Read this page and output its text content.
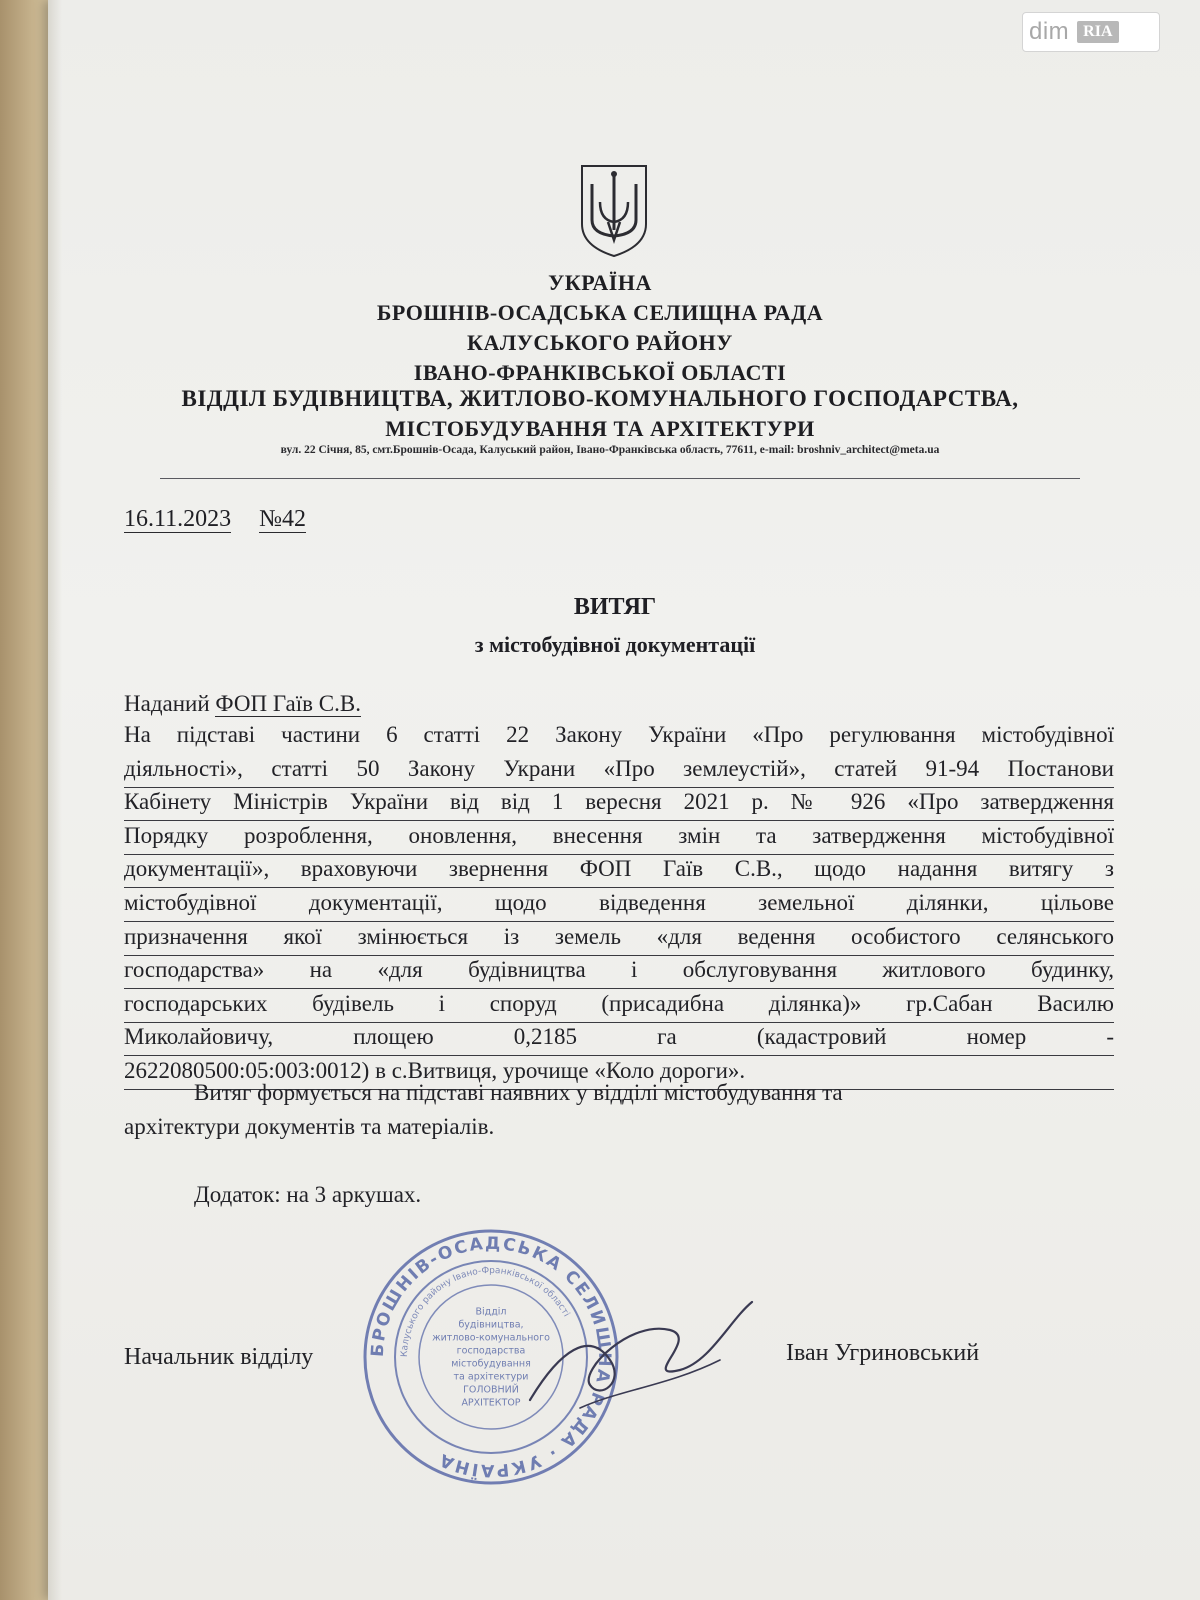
dim RIA
УКРАЇНА
БРОШНІВ-ОСАДСЬКА СЕЛИЩНА РАДА
КАЛУСЬКОГО РАЙОНУ
ІВАНО-ФРАНКІВСЬКОЇ ОБЛАСТІ
ВІДДІЛ БУДІВНИЦТВА, ЖИТЛОВО-КОМУНАЛЬНОГО ГОСПОДАРСТВА,
МІСТОБУДУВАННЯ ТА АРХІТЕКТУРИ
вул. 22 Січня, 85, смт.Брошнів-Осада, Калуський район, Івано-Франківська область, 77611, e-mail: broshniv_architect@meta.ua
16.11.2023 №42
ВИТЯГ
з містобудівної документації
Наданий ФОП Гаїв С.В.
На підставі частини 6 статті 22 Закону України «Про регулювання містобудівної
діяльності», статті 50 Закону Украни «Про землеустій», статей 91-94 Постанови
Кабінету Міністрів України від від 1 вересня 2021 р. № 926 «Про затвердження
Порядку розроблення, оновлення, внесення змін та затвердження містобудівної
документації», враховуючи звернення ФОП Гаїв С.В., щодо надання витягу з
містобудівної документації, щодо відведення земельної ділянки, цільове
призначення якої змінюється із земель «для ведення особистого селянського
господарства» на «для будівництва і обслуговування житлового будинку,
господарських будівель і споруд (присадибна ділянка)» гр.Сабан Василю
Миколайовичу, площею 0,2185 га (кадастровий номер -
2622080500:05:003:0012) в с.Витвиця, урочище «Коло дороги».
Витяг формується на підставі наявних у відділі містобудування та
архітектури документів та матеріалів.
Додаток: на 3 аркушах.
Начальник відділу	Іван Угриновський
БРОШНІВ-ОСАДСЬКА СЕЛИЩНА РАДА · УКРАЇНА
Калуського району Івано-Франківської області
Відділ
будівництва,
житлово-комунального
господарства
містобудування
та архітектури
ГОЛОВНИЙ
АРХІТЕКТОР
